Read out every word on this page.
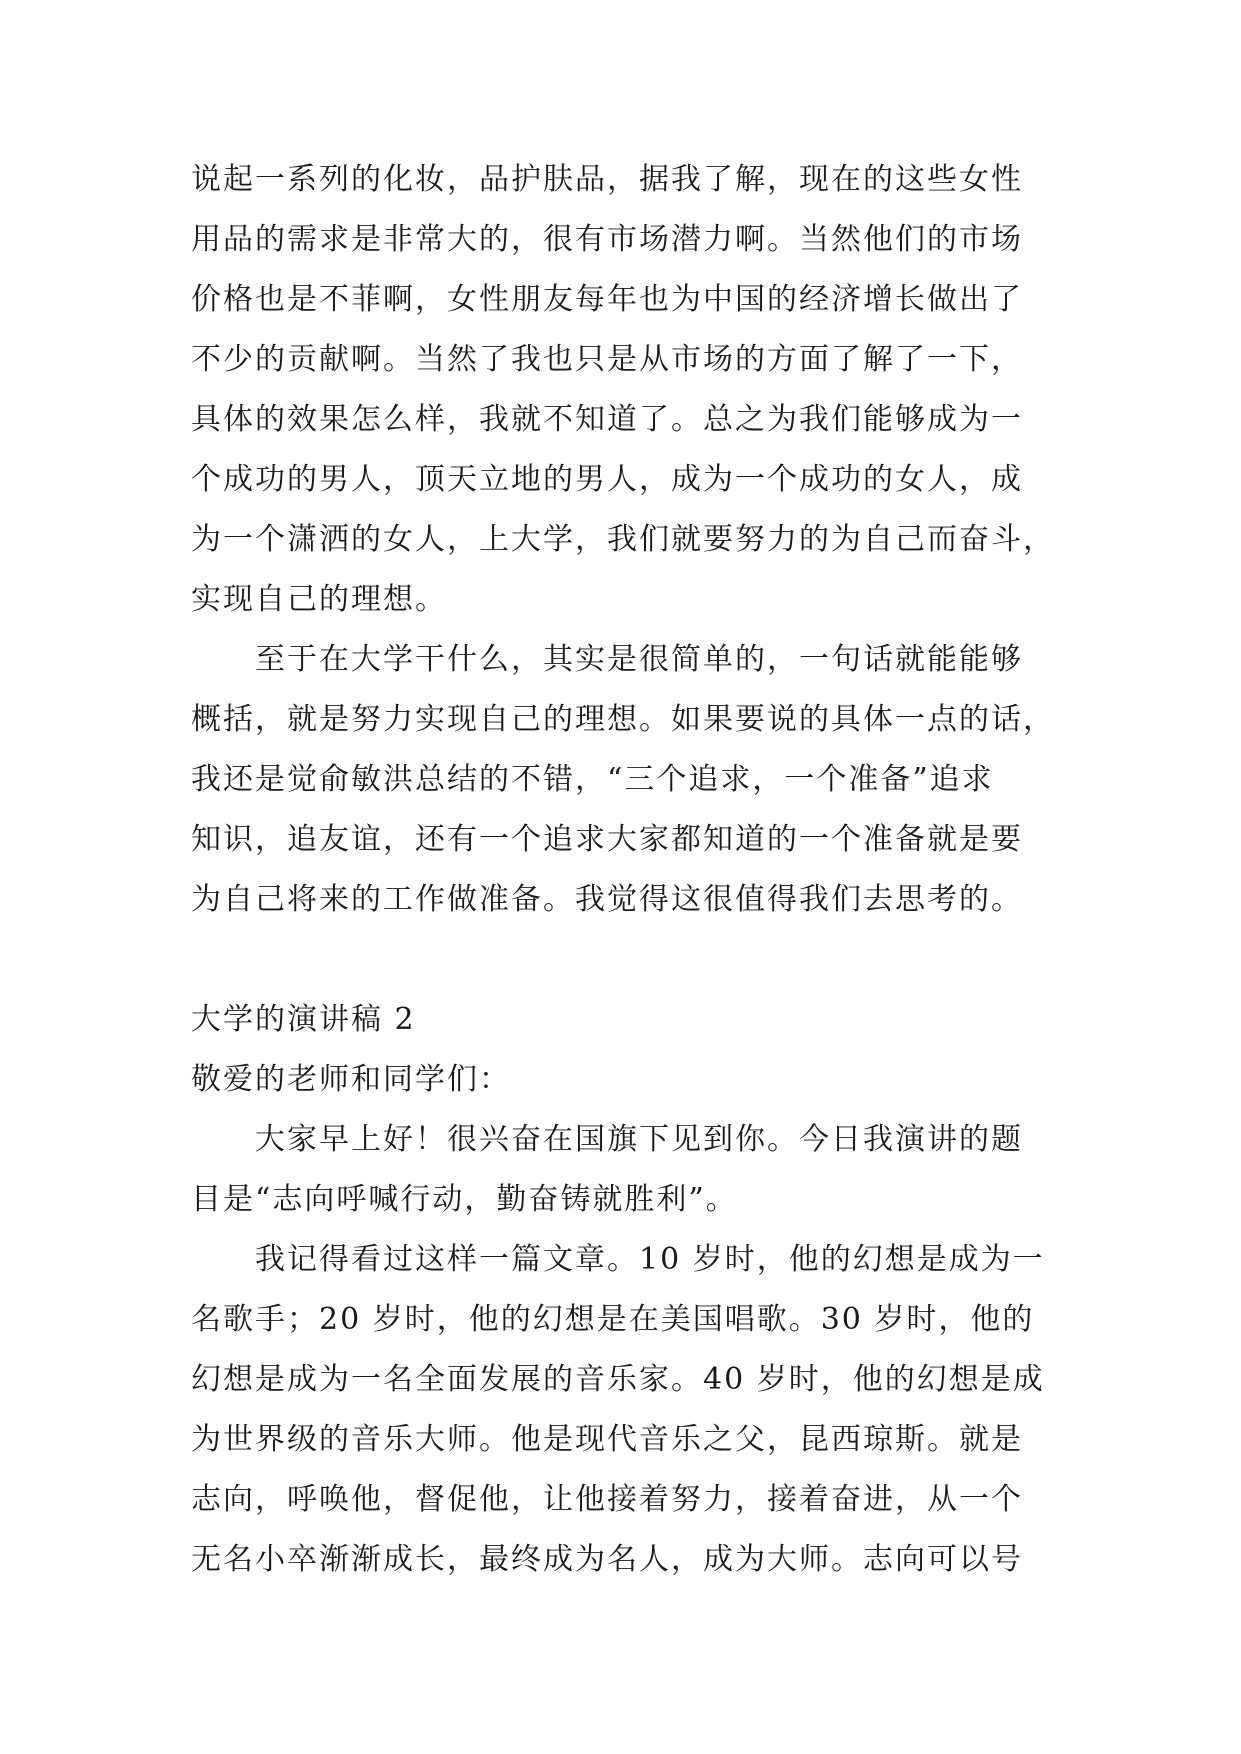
说起一系列的化妆，品护肤品，据我了解，现在的这些女性
用品的需求是非常大的，很有市场潜力啊。当然他们的市场
价格也是不菲啊，女性朋友每年也为中国的经济增长做出了
不少的贡献啊。当然了我也只是从市场的方面了解了一下，
具体的效果怎么样，我就不知道了。总之为我们能够成为一
个成功的男人，顶天立地的男人，成为一个成功的女人，成
为一个潇洒的女人，上大学，我们就要努力的为自己而奋斗，
实现自己的理想。
至于在大学干什么，其实是很简单的，一句话就能能够
概括，就是努力实现自己的理想。如果要说的具体一点的话，
我还是觉俞敏洪总结的不错，“三个追求，一个准备”追求
知识，追友谊，还有一个追求大家都知道的一个准备就是要
为自己将来的工作做准备。我觉得这很值得我们去思考的。
大学的演讲稿 2
敬爱的老师和同学们：
大家早上好！很兴奋在国旗下见到你。今日我演讲的题
目是“志向呼喊行动，勤奋铸就胜利”。
我记得看过这样一篇文章。10 岁时，他的幻想是成为一
名歌手；20 岁时，他的幻想是在美国唱歌。30 岁时，他的
幻想是成为一名全面发展的音乐家。40 岁时，他的幻想是成
为世界级的音乐大师。他是现代音乐之父，昆西琼斯。就是
志向，呼唤他，督促他，让他接着努力，接着奋进，从一个
无名小卒渐渐成长，最终成为名人，成为大师。志向可以号
